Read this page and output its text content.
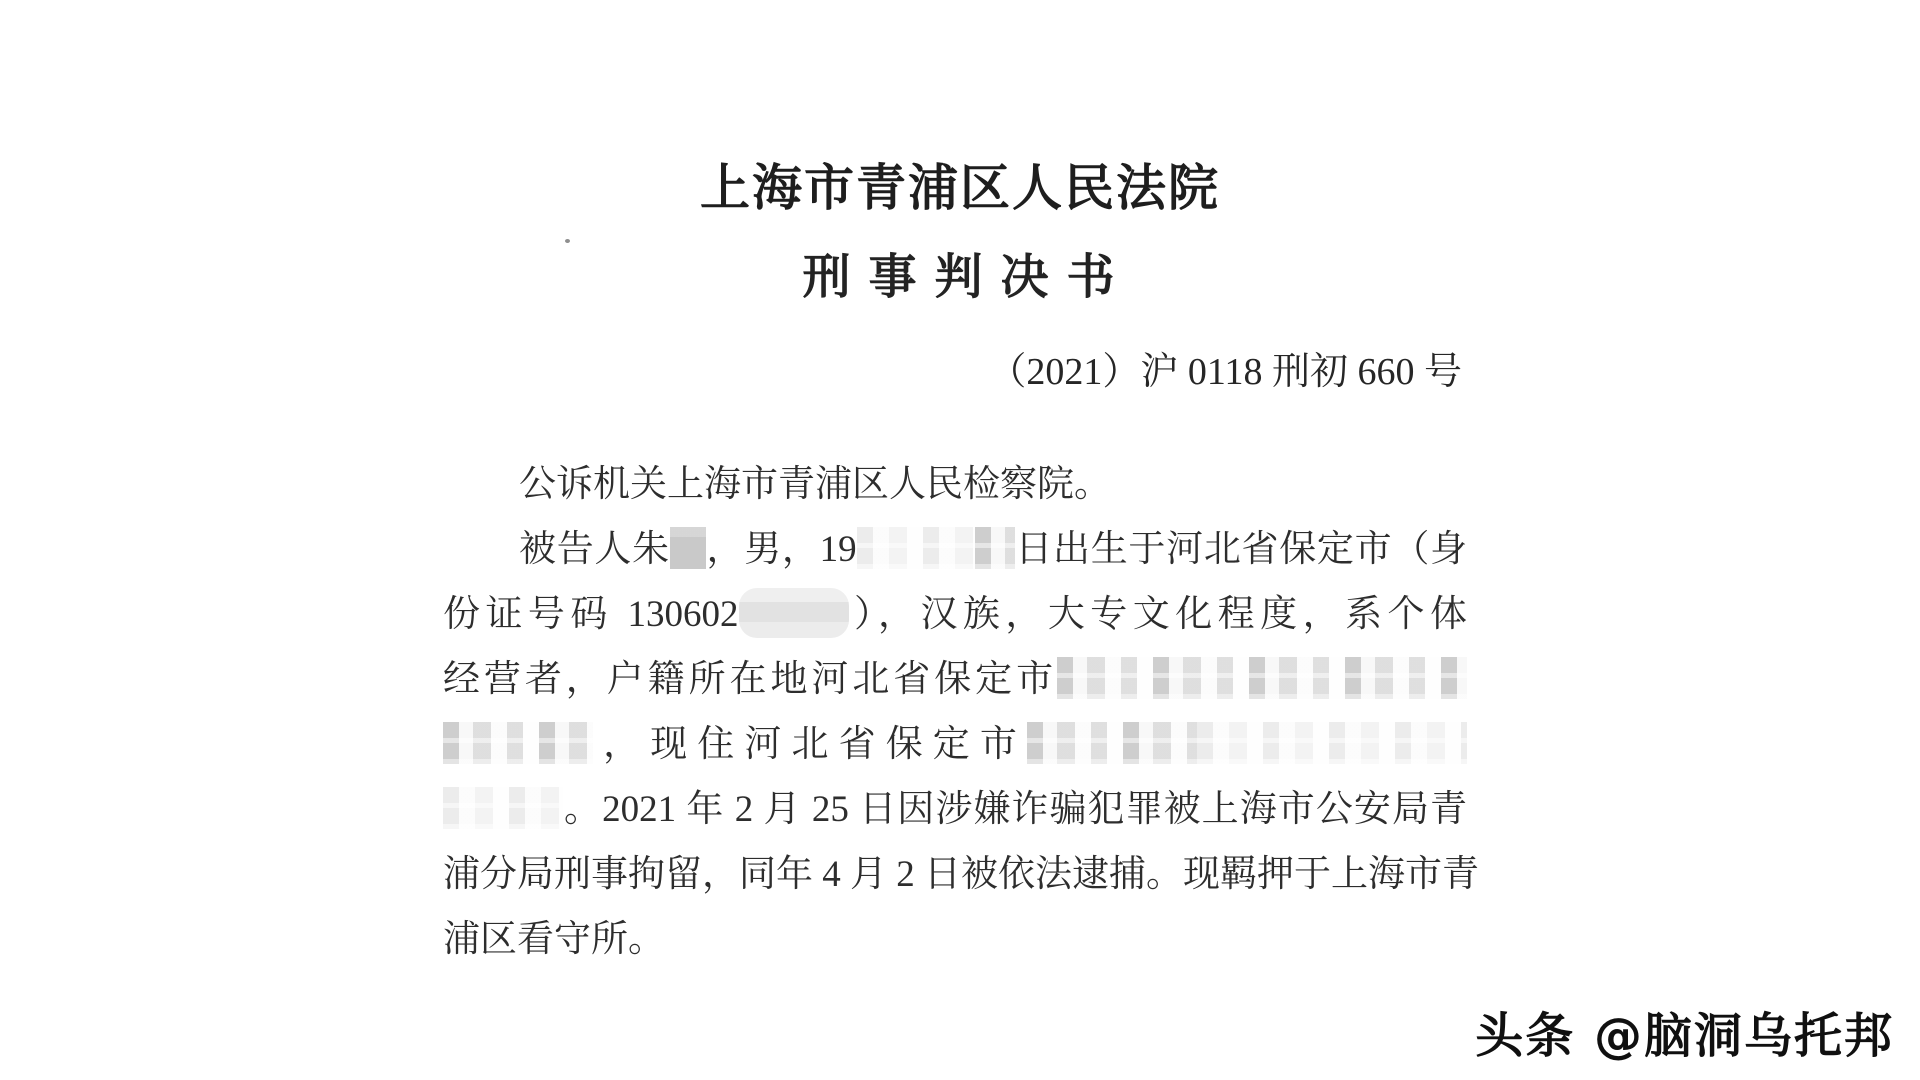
上海市青浦区人民法院
刑 事 判 决 书
（2021）沪 0118 刑初 660 号
公诉机关上海市青浦区人民检察院。
被告人朱 ，男，19	日出生于河北省保定市（身
份证号码 130602	），汉族，大专文化程度，系个体
经营者，户籍所在地河北省保定市
，现住河北省保定市
。2021 年 2 月 25 日因涉嫌诈骗犯罪被上海市公安局青
浦分局刑事拘留，同年 4 月 2 日被依法逮捕。现羁押于上海市青
浦区看守所。
头条 @脑洞乌托邦
